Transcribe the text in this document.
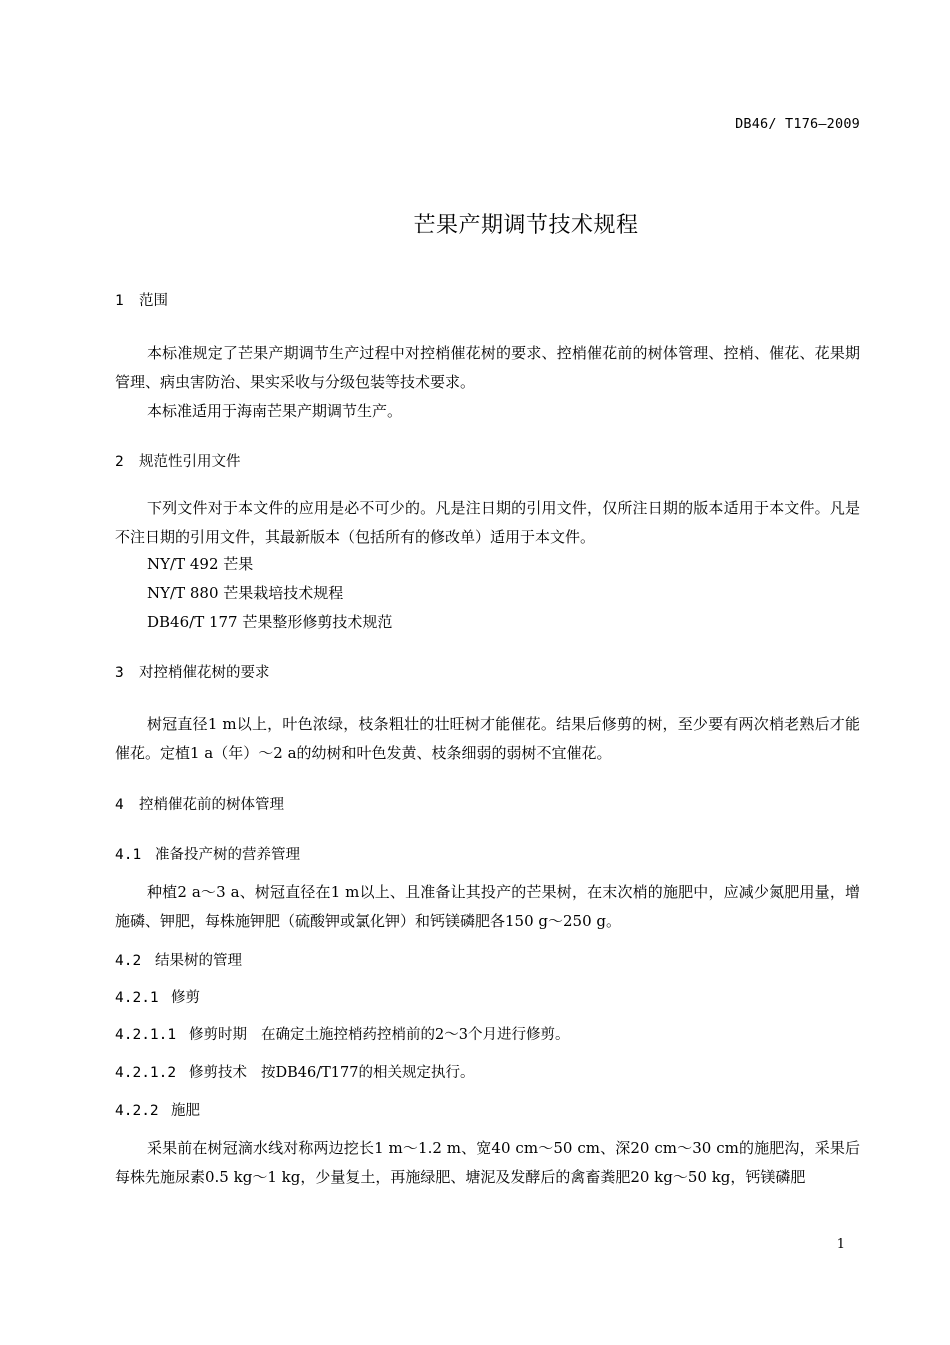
DB46/ T176—2009
芒果产期调节技术规程
1 范围
本标准规定了芒果产期调节生产过程中对控梢催花树的要求、控梢催花前的树体管理、控梢、催花、花果期管理、病虫害防治、果实采收与分级包装等技术要求。
本标准适用于海南芒果产期调节生产。
2 规范性引用文件
下列文件对于本文件的应用是必不可少的。凡是注日期的引用文件，仅所注日期的版本适用于本文件。凡是不注日期的引用文件，其最新版本（包括所有的修改单）适用于本文件。
NY/T 492 芒果
NY/T 880 芒果栽培技术规程
DB46/T 177 芒果整形修剪技术规范
3 对控梢催花树的要求
树冠直径1 m以上，叶色浓绿，枝条粗壮的壮旺树才能催花。结果后修剪的树，至少要有两次梢老熟后才能催花。定植1 a（年）～2 a的幼树和叶色发黄、枝条细弱的弱树不宜催花。
4 控梢催花前的树体管理
4.1 准备投产树的营养管理
种植2 a～3 a、树冠直径在1 m以上、且准备让其投产的芒果树，在末次梢的施肥中，应减少氮肥用量，增施磷、钾肥，每株施钾肥（硫酸钾或氯化钾）和钙镁磷肥各150 g～250 g。
4.2 结果树的管理
4.2.1 修剪
4.2.1.1 修剪时期 在确定土施控梢药控梢前的2～3个月进行修剪。
4.2.1.2 修剪技术 按DB46/T177的相关规定执行。
4.2.2 施肥
采果前在树冠滴水线对称两边挖长1 m～1.2 m、宽40 cm～50 cm、深20 cm～30 cm的施肥沟，采果后每株先施尿素0.5 kg～1 kg，少量复土，再施绿肥、塘泥及发酵后的禽畜粪肥20 kg～50 kg，钙镁磷肥
1
